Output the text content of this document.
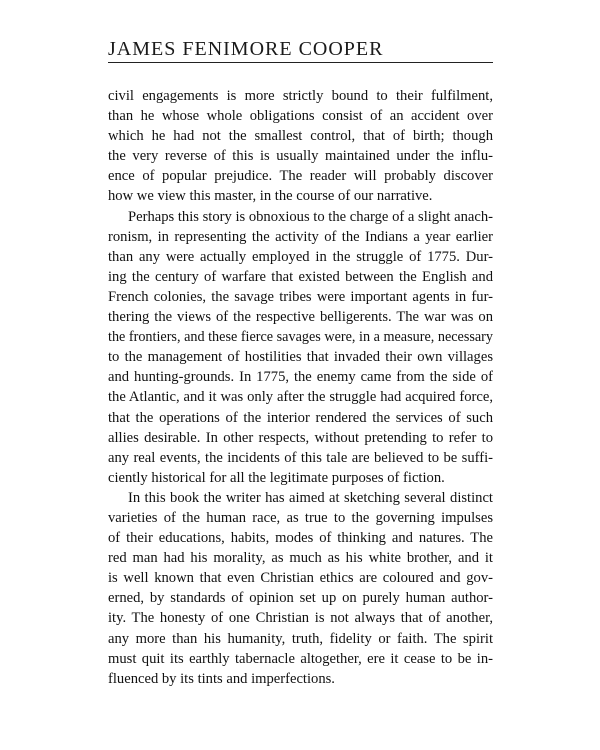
JAMES FENIMORE COOPER

civil engagements is more strictly bound to their fulfilment,
than he whose whole obligations consist of an accident over
which he had not the smallest control, that of birth; though
the very reverse of this is usually maintained under the influ-
ence of popular prejudice. The reader will probably discover
how we view this master, in the course of our narrative.

Perhaps this story is obnoxious to the charge of a slight anach-
ronism, in representing the activity of the Indians a year earlier
than any were actually employed in the struggle of 1775. Dur-
ing the century of warfare that existed between the English and
French colonies, the savage tribes were important agents in fur-
thering the views of the respective belligerents. The war was on
the frontiers, and these fierce savages were, in a measure, necessary
to the management of hostilities that invaded their own villages
and hunting-grounds. In 1775, the enemy came from the side of
the Atlantic, and it was only after the struggle had acquired force,
that the operations of the interior rendered the services of such
allies desirable. In other respects, without pretending to refer to
any real events, the incidents of this tale are believed to be suffi-
ciently historical for all the legitimate purposes of fiction.

In this book the writer has aimed at sketching several distinct
varieties of the human race, as true to the governing impulses
of their educations, habits, modes of thinking and natures. The
red man had his morality, as much as his white brother, and it
is well known that even Christian ethics are coloured and gov-
erned, by standards of opinion set up on purely human author-
ity. The honesty of one Christian is not always that of another,
any more than his humanity, truth, fidelity or faith. The spirit
must quit its earthly tabernacle altogether, ere it cease to be in-
fluenced by its tints and imperfections.
